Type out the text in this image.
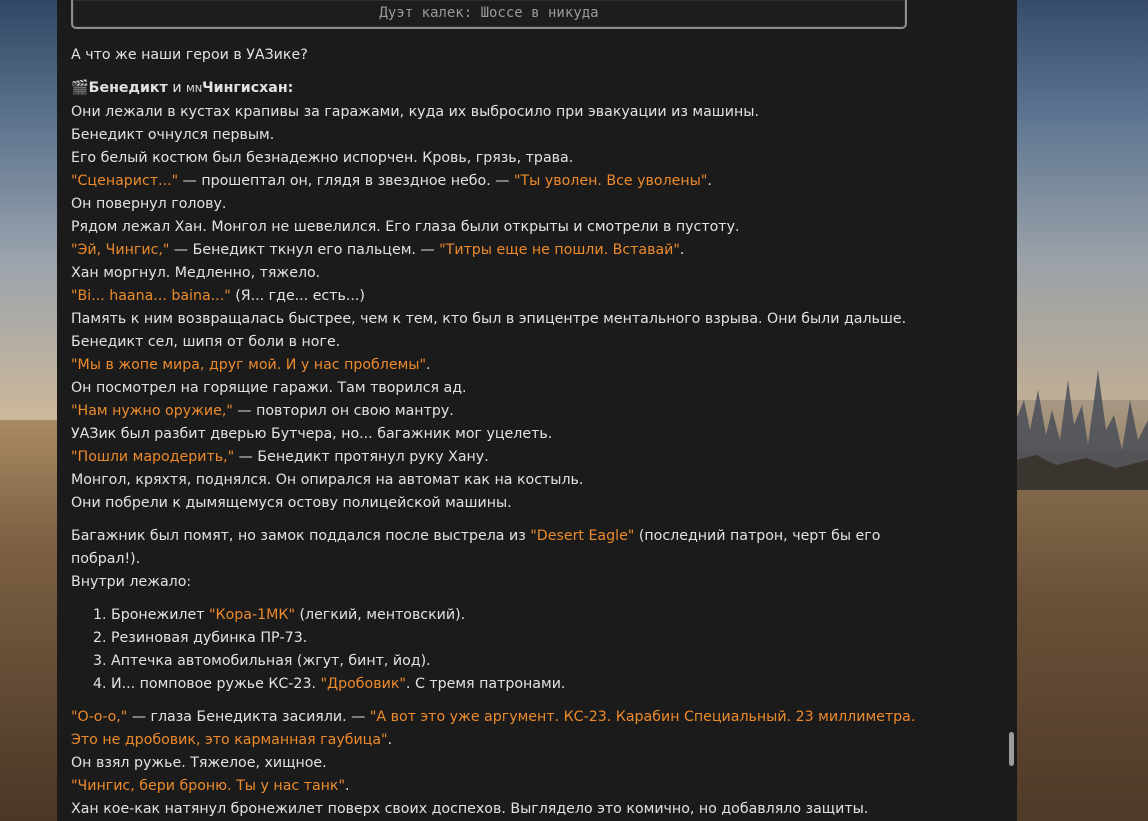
Дуэт калек: Шоссе в никуда

А что же наши герои в УАЗике?

🎬Бенедикт и MNЧингисхан:

Они лежали в кустах крапивы за гаражами, куда их выбросило при эвакуации из машины.

Бенедикт очнулся первым.

Его белый костюм был безнадежно испорчен. Кровь, грязь, трава.

"Сценарист..." — прошептал он, глядя в звездное небо. — "Ты уволен. Все уволены".

Он повернул голову.

Рядом лежал Хан. Монгол не шевелился. Его глаза были открыты и смотрели в пустоту.

"Эй, Чингис," — Бенедикт ткнул его пальцем. — "Титры еще не пошли. Вставай".

Хан моргнул. Медленно, тяжело.

"Bi... haana... baina..." (Я... где... есть...)

Память к ним возвращалась быстрее, чем к тем, кто был в эпицентре ментального взрыва. Они были дальше.

Бенедикт сел, шипя от боли в ноге.

"Мы в жопе мира, друг мой. И у нас проблемы".

Он посмотрел на горящие гаражи. Там творился ад.

"Нам нужно оружие," — повторил он свою мантру.

УАЗик был разбит дверью Бутчера, но... багажник мог уцелеть.

"Пошли мародерить," — Бенедикт протянул руку Хану.

Монгол, кряхтя, поднялся. Он опирался на автомат как на костыль.

Они побрели к дымящемуся остову полицейской машины.

Багажник был помят, но замок поддался после выстрела из "Desert Eagle" (последний патрон, черт бы его побрал!).

Внутри лежало:

1. Бронежилет "Кора-1МК" (легкий, ментовский).
2. Резиновая дубинка ПР-73.
3. Аптечка автомобильная (жгут, бинт, йод).
4. И... помповое ружье КС-23. "Дробовик". С тремя патронами.

"О-о-о," — глаза Бенедикта засияли. — "А вот это уже аргумент. КС-23. Карабин Специальный. 23 миллиметра. Это не дробовик, это карманная гаубица".

Он взял ружье. Тяжелое, хищное.

"Чингис, бери броню. Ты у нас танк".

Хан кое-как натянул бронежилет поверх своих доспехов. Выглядело это комично, но добавляло защиты.
